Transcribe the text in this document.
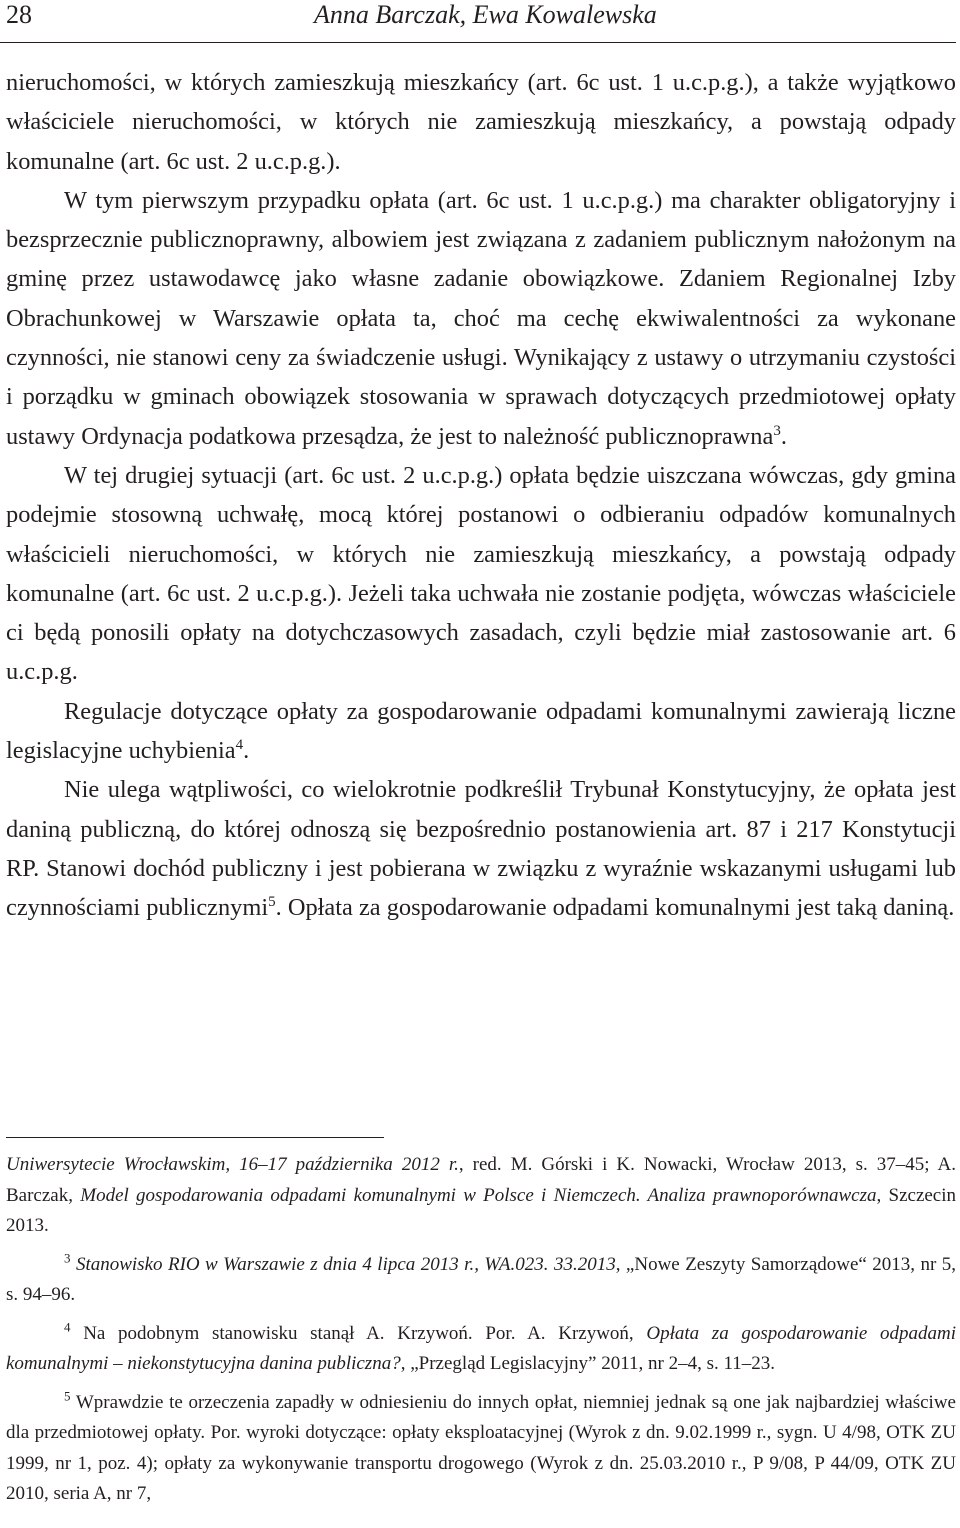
28	Anna Barczak, Ewa Kowalewska

nieruchomości, w których zamieszkują mieszkańcy (art. 6c ust. 1 u.c.p.g.), a także wyjątkowo właściciele nieruchomości, w których nie zamieszkują mieszkańcy, a powstają odpady komunalne (art. 6c ust. 2 u.c.p.g.).

W tym pierwszym przypadku opłata (art. 6c ust. 1 u.c.p.g.) ma charakter obligatoryjny i bezsprzecznie publicznoprawny, albowiem jest związana z zadaniem publicznym nałożonym na gminę przez ustawodawcę jako własne zadanie obowiązkowe. Zdaniem Regionalnej Izby Obrachunkowej w Warszawie opłata ta, choć ma cechę ekwiwalentności za wykonane czynności, nie stanowi ceny za świadczenie usługi. Wynikający z ustawy o utrzymaniu czystości i porządku w gminach obowiązek stosowania w sprawach dotyczących przedmiotowej opłaty ustawy Ordynacja podatkowa przesądza, że jest to należność publicznoprawna$^3$.

W tej drugiej sytuacji (art. 6c ust. 2 u.c.p.g.) opłata będzie uiszczana wówczas, gdy gmina podejmie stosowną uchwałę, mocą której postanowi o odbieraniu odpadów komunalnych właścicieli nieruchomości, w których nie zamieszkują mieszkańcy, a powstają odpady komunalne (art. 6c ust. 2 u.c.p.g.). Jeżeli taka uchwała nie zostanie podjęta, wówczas właściciele ci będą ponosili opłaty na dotychczasowych zasadach, czyli będzie miał zastosowanie art. 6 u.c.p.g.

Regulacje dotyczące opłaty za gospodarowanie odpadami komunalnymi zawierają liczne legislacyjne uchybienia$^4$.

Nie ulega wątpliwości, co wielokrotnie podkreślił Trybunał Konstytucyjny, że opłata jest daniną publiczną, do której odnoszą się bezpośrednio postanowienia art. 87 i 217 Konstytucji RP. Stanowi dochód publiczny i jest pobierana w związku z wyraźnie wskazanymi usługami lub czynnościami publicznymi$^5$. Opłata za gospodarowanie odpadami komunalnymi jest taką daniną.

Uniwersytecie Wrocławskim, 16–17 października 2012 r., red. M. Górski i K. Nowacki, Wrocław 2013, s. 37–45; A. Barczak, Model gospodarowania odpadami komunalnymi w Polsce i Niemczech. Analiza prawnoporównawcza, Szczecin 2013.

$^3$ Stanowisko RIO w Warszawie z dnia 4 lipca 2013 r., WA.023. 33.2013, „Nowe Zeszyty Samorządowe“ 2013, nr 5, s. 94–96.

$^4$ Na podobnym stanowisku stanął A. Krzywoń. Por. A. Krzywoń, Opłata za gospodarowanie odpadami komunalnymi – niekonstytucyjna danina publiczna?, „Przegląd Legislacyjny” 2011, nr 2–4, s. 11–23.

$^5$ Wprawdzie te orzeczenia zapadły w odniesieniu do innych opłat, niemniej jednak są one jak najbardziej właściwe dla przedmiotowej opłaty. Por. wyroki dotyczące: opłaty eksploatacyjnej (Wyrok z dn. 9.02.1999 r., sygn. U 4/98, OTK ZU 1999, nr 1, poz. 4); opłaty za wykonywanie transportu drogowego (Wyrok z dn. 25.03.2010 r., P 9/08, P 44/09, OTK ZU 2010, seria A, nr 7,
